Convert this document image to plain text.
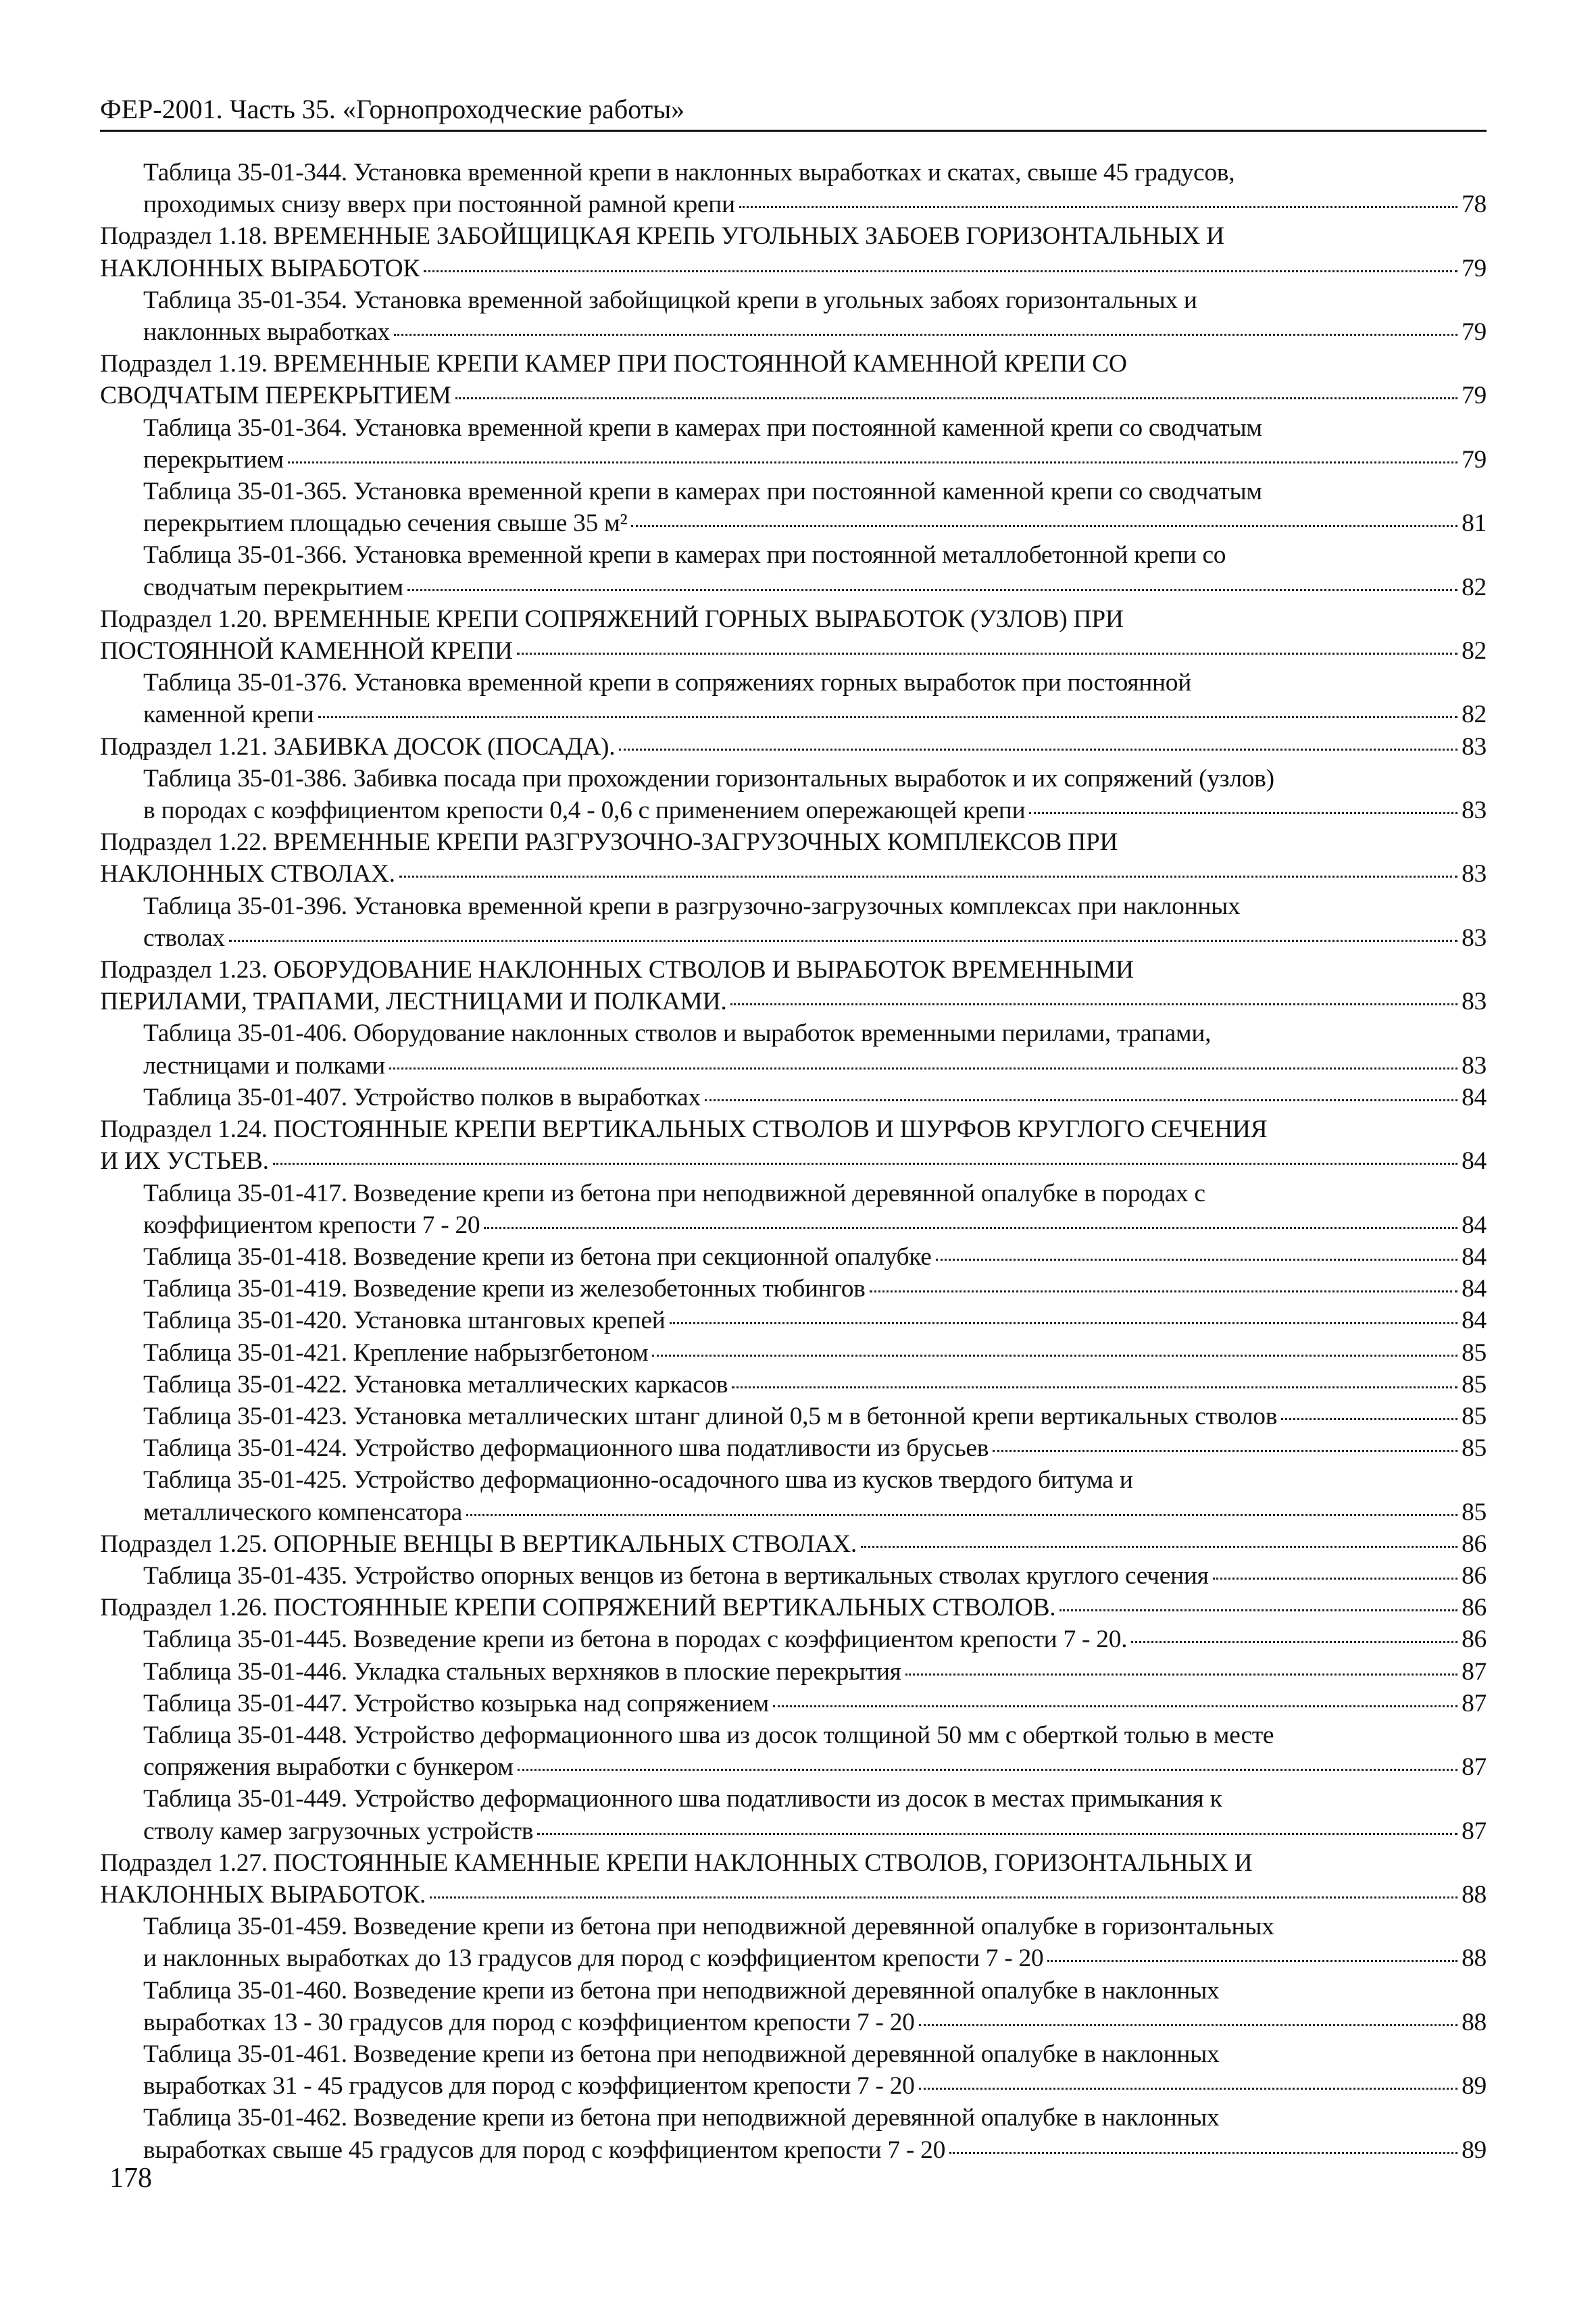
ФЕР-2001. Часть 35. «Горнопроходческие работы»
Таблица 35-01-344. Установка временной крепи в наклонных выработках и скатах, свыше 45 градусов,
проходимых снизу вверх при постоянной рамной крепи	78
Подраздел 1.18. ВРЕМЕННЫЕ ЗАБОЙЩИЦКАЯ КРЕПЬ УГОЛЬНЫХ ЗАБОЕВ ГОРИЗОНТАЛЬНЫХ И
НАКЛОННЫХ ВЫРАБОТОК	79
Таблица 35-01-354. Установка временной забойщицкой крепи в угольных забоях горизонтальных и
наклонных выработках	79
Подраздел 1.19. ВРЕМЕННЫЕ КРЕПИ КАМЕР ПРИ ПОСТОЯННОЙ КАМЕННОЙ КРЕПИ СО
СВОДЧАТЫМ ПЕРЕКРЫТИЕМ	79
Таблица 35-01-364. Установка временной крепи в камерах при постоянной каменной крепи со сводчатым
перекрытием	79
Таблица 35-01-365. Установка временной крепи в камерах при постоянной каменной крепи со сводчатым
перекрытием площадью сечения свыше 35 м²	81
Таблица 35-01-366. Установка временной крепи в камерах при постоянной металлобетонной крепи со
сводчатым перекрытием	82
Подраздел 1.20. ВРЕМЕННЫЕ КРЕПИ СОПРЯЖЕНИЙ ГОРНЫХ ВЫРАБОТОК (УЗЛОВ) ПРИ
ПОСТОЯННОЙ КАМЕННОЙ КРЕПИ	82
Таблица 35-01-376. Установка временной крепи в сопряжениях горных выработок при постоянной
каменной крепи	82
Подраздел 1.21. ЗАБИВКА ДОСОК (ПОСАДА).	83
Таблица 35-01-386. Забивка посада при прохождении горизонтальных выработок и их сопряжений (узлов)
в породах с коэффициентом крепости 0,4 - 0,6 с применением опережающей крепи	83
Подраздел 1.22. ВРЕМЕННЫЕ КРЕПИ РАЗГРУЗОЧНО-ЗАГРУЗОЧНЫХ КОМПЛЕКСОВ ПРИ
НАКЛОННЫХ СТВОЛАХ.	83
Таблица 35-01-396. Установка временной крепи в разгрузочно-загрузочных комплексах при наклонных
стволах	83
Подраздел 1.23. ОБОРУДОВАНИЕ НАКЛОННЫХ СТВОЛОВ И ВЫРАБОТОК ВРЕМЕННЫМИ
ПЕРИЛАМИ, ТРАПАМИ, ЛЕСТНИЦАМИ И ПОЛКАМИ.	83
Таблица 35-01-406. Оборудование наклонных стволов и выработок временными перилами, трапами,
лестницами и полками	83
Таблица 35-01-407. Устройство полков в выработках	84
Подраздел 1.24. ПОСТОЯННЫЕ КРЕПИ ВЕРТИКАЛЬНЫХ СТВОЛОВ И ШУРФОВ КРУГЛОГО СЕЧЕНИЯ
И ИХ УСТЬЕВ.	84
Таблица 35-01-417. Возведение крепи из бетона при неподвижной деревянной опалубке в породах с
коэффициентом крепости 7 - 20	84
Таблица 35-01-418. Возведение крепи из бетона при секционной опалубке	84
Таблица 35-01-419. Возведение крепи из железобетонных тюбингов	84
Таблица 35-01-420. Установка штанговых крепей	84
Таблица 35-01-421. Крепление набрызгбетоном	85
Таблица 35-01-422. Установка металлических каркасов	85
Таблица 35-01-423. Установка металлических штанг длиной 0,5 м в бетонной крепи вертикальных стволов	85
Таблица 35-01-424. Устройство деформационного шва податливости из брусьев	85
Таблица 35-01-425. Устройство деформационно-осадочного шва из кусков твердого битума и
металлического компенсатора	85
Подраздел 1.25. ОПОРНЫЕ ВЕНЦЫ В ВЕРТИКАЛЬНЫХ СТВОЛАХ.	86
Таблица 35-01-435. Устройство опорных венцов из бетона в вертикальных стволах круглого сечения	86
Подраздел 1.26. ПОСТОЯННЫЕ КРЕПИ СОПРЯЖЕНИЙ ВЕРТИКАЛЬНЫХ СТВОЛОВ.	86
Таблица 35-01-445. Возведение крепи из бетона в породах с коэффициентом крепости 7 - 20.	86
Таблица 35-01-446. Укладка стальных верхняков в плоские перекрытия	87
Таблица 35-01-447. Устройство козырька над сопряжением	87
Таблица 35-01-448. Устройство деформационного шва из досок толщиной 50 мм с оберткой толью в месте
сопряжения выработки с бункером	87
Таблица 35-01-449. Устройство деформационного шва податливости из досок в местах примыкания к
стволу камер загрузочных устройств	87
Подраздел 1.27. ПОСТОЯННЫЕ КАМЕННЫЕ КРЕПИ НАКЛОННЫХ СТВОЛОВ, ГОРИЗОНТАЛЬНЫХ И
НАКЛОННЫХ ВЫРАБОТОК.	88
Таблица 35-01-459. Возведение крепи из бетона при неподвижной деревянной опалубке в горизонтальных
и наклонных выработках до 13 градусов для пород с коэффициентом крепости 7 - 20	88
Таблица 35-01-460. Возведение крепи из бетона при неподвижной деревянной опалубке в наклонных
выработках 13 - 30 градусов для пород с коэффициентом крепости 7 - 20	88
Таблица 35-01-461. Возведение крепи из бетона при неподвижной деревянной опалубке в наклонных
выработках 31 - 45 градусов для пород с коэффициентом крепости 7 - 20	89
Таблица 35-01-462. Возведение крепи из бетона при неподвижной деревянной опалубке в наклонных
выработках свыше 45 градусов для пород с коэффициентом крепости 7 - 20	89
178
